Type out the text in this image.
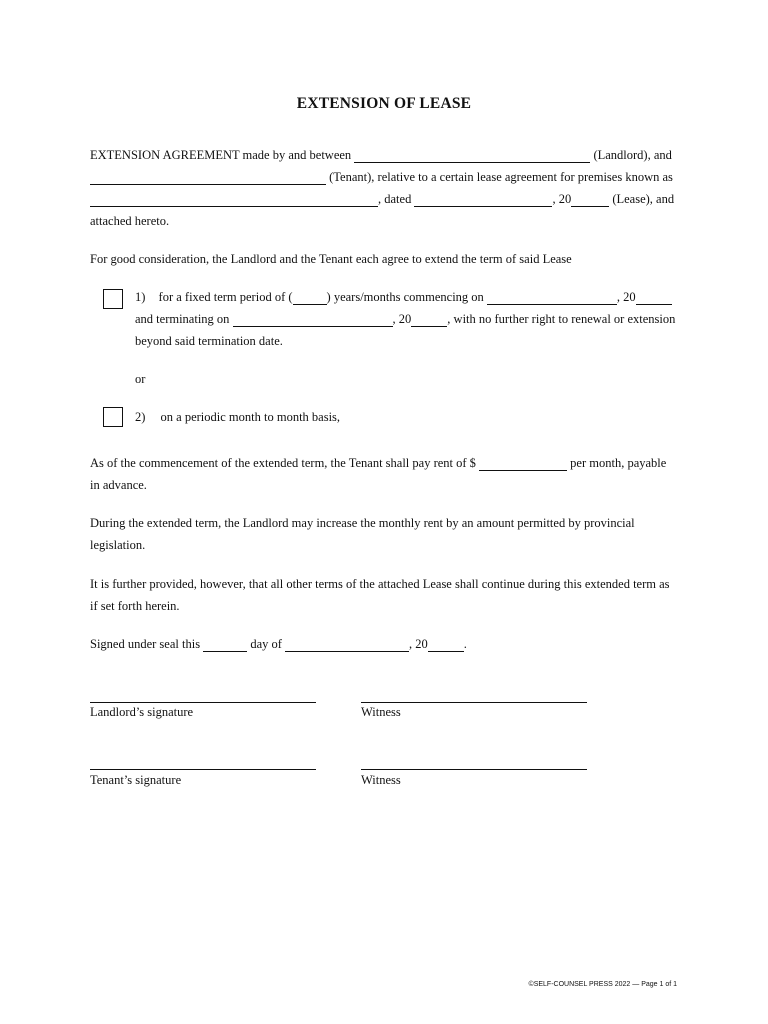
EXTENSION OF LEASE
EXTENSION AGREEMENT made by and between	(Landlord), and
(Tenant), relative to a certain lease agreement for premises known as
, dated	, 20	(Lease), and
attached hereto.
For good consideration, the Landlord and the Tenant each agree to extend the term of said Lease
1) for a fixed term period of (	) years/months commencing on	, 20
and terminating on	, 20	, with no further right to renewal or extension
beyond said termination date.
or
2) on a periodic month to month basis,
As of the commencement of the extended term, the Tenant shall pay rent of $	per month, payable
in advance.
During the extended term, the Landlord may increase the monthly rent by an amount permitted by provincial
legislation.
It is further provided, however, that all other terms of the attached Lease shall continue during this extended term as
if set forth herein.
Signed under seal this	day of	, 20	.
Landlord’s signature	Witness
Tenant’s signature	Witness
©SELF-COUNSEL PRESS 2022 — Page 1 of 1
